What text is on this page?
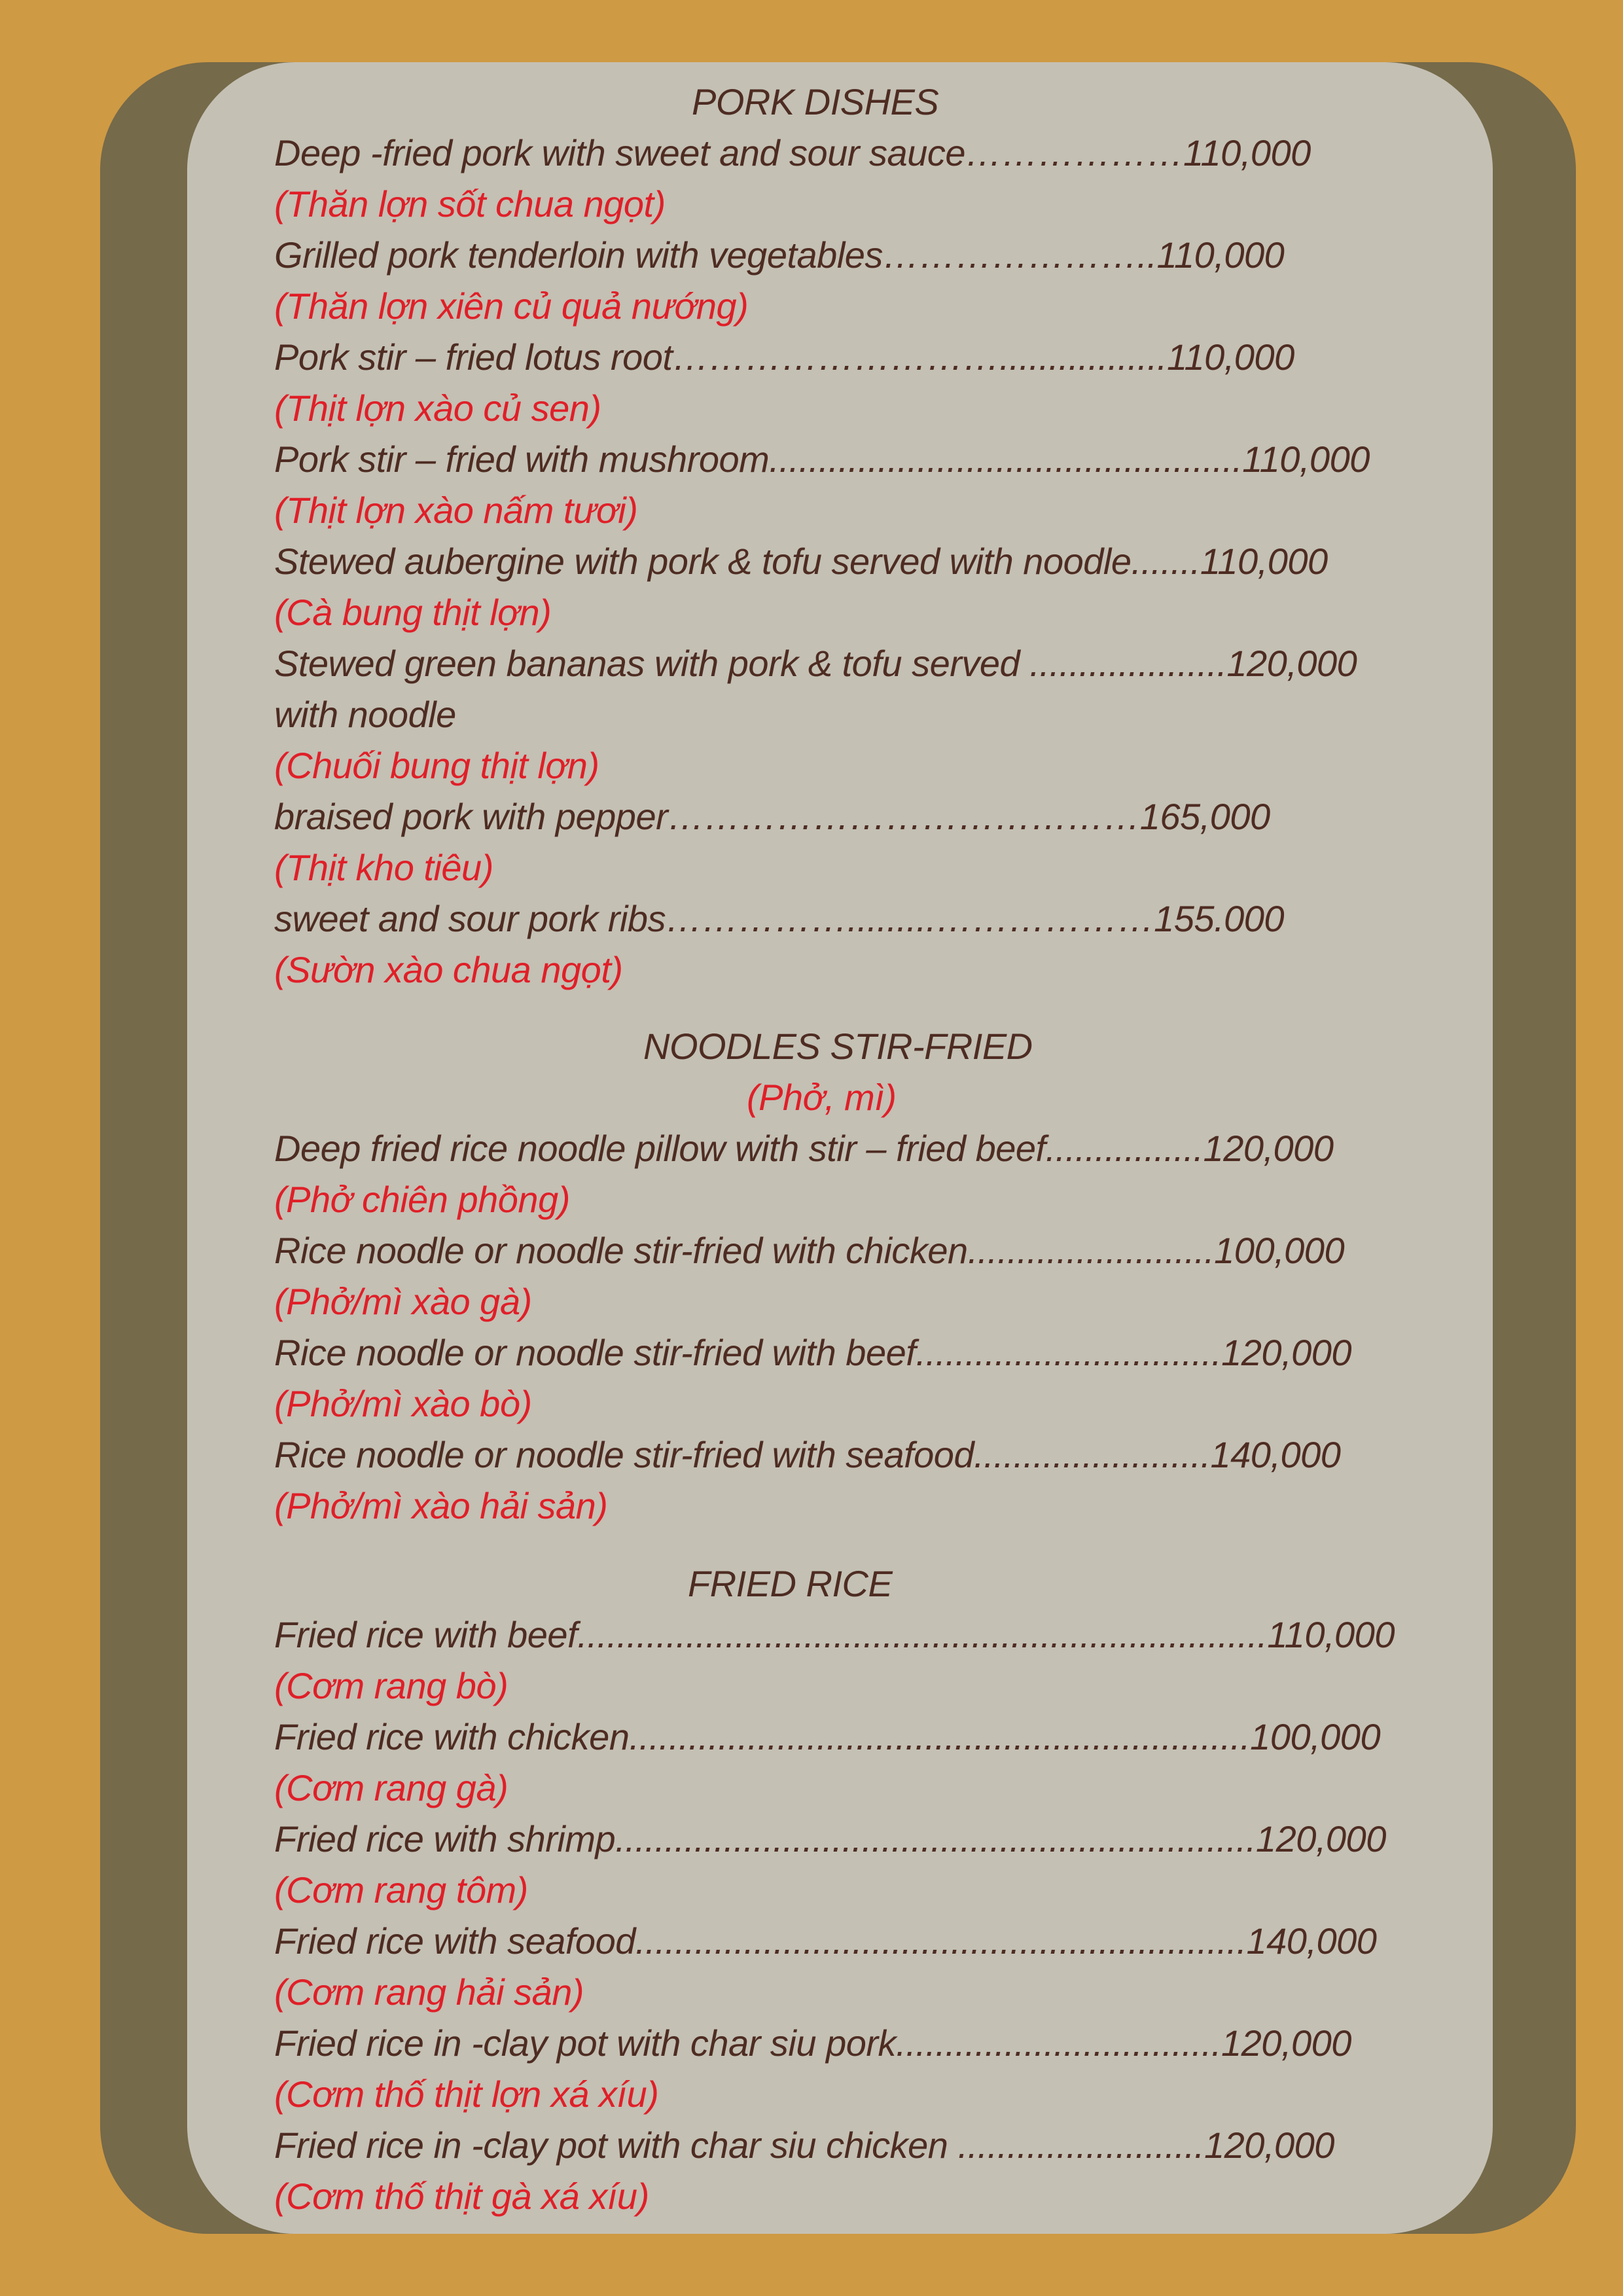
PORK DISHES
Deep -fried pork with sweet and sour sauce………………110,000
(Thăn lợn sốt chua ngọt)
Grilled pork tenderloin with vegetables…………………..110,000
(Thăn lợn xiên củ quả nướng)
Pork stir – fried lotus root……………………….................110,000
(Thịt lợn xào củ sen)
Pork stir – fried with mushroom................................................110,000
(Thịt lợn xào nấm tươi)
Stewed aubergine with pork & tofu served with noodle.......110,000
(Cà bung thịt lợn)
Stewed green bananas with pork & tofu served ....................120,000
with noodle
(Chuối bung thịt lợn)
braised pork with pepper…………………………………165,000
(Thịt kho tiêu)
sweet and sour pork ribs…………….........………………155.000
(Sườn xào chua ngọt)
NOODLES STIR-FRIED
(Phở, mì)
Deep fried rice noodle pillow with stir – fried beef................120,000
(Phở chiên phồng)
Rice noodle or noodle stir-fried with chicken.........................100,000
(Phở/mì xào gà)
Rice noodle or noodle stir-fried with beef...............................120,000
(Phở/mì xào bò)
Rice noodle or noodle stir-fried with seafood........................140,000
(Phở/mì xào hải sản)
FRIED RICE
Fried rice with beef......................................................................110,000
(Cơm rang bò)
Fried rice with chicken...............................................................100,000
(Cơm rang gà)
Fried rice with shrimp.................................................................120,000
(Cơm rang tôm)
Fried rice with seafood..............................................................140,000
(Cơm rang hải sản)
Fried rice in -clay pot with char siu pork.................................120,000
(Cơm thố thịt lợn xá xíu)
Fried rice in -clay pot with char siu chicken .........................120,000
(Cơm thố thịt gà xá xíu)
